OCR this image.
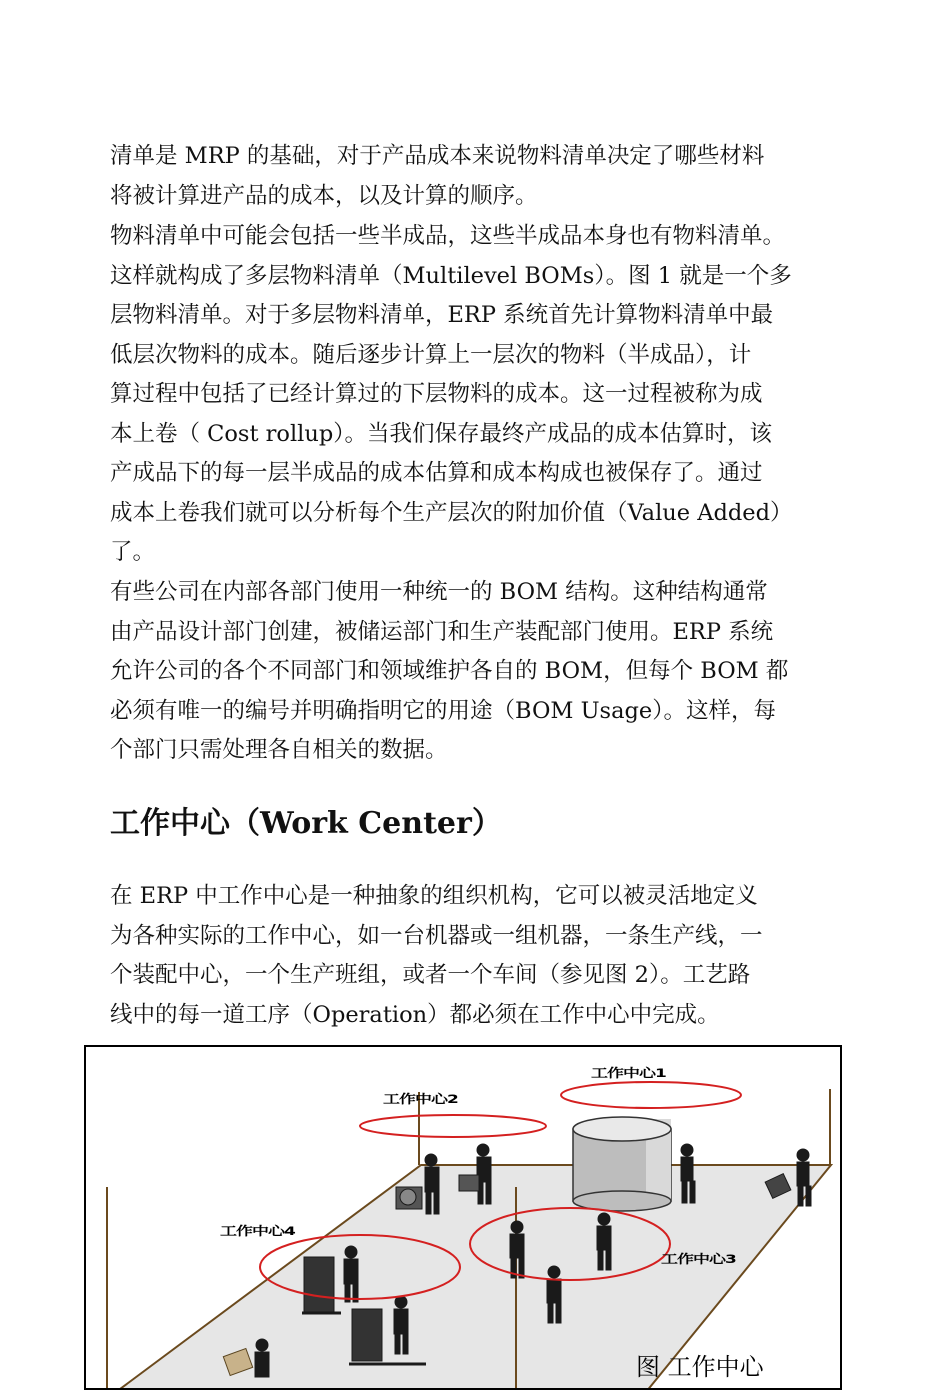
清单是 MRP 的基础，对于产品成本来说物料清单决定了哪些材料
将被计算进产品的成本，以及计算的顺序。
物料清单中可能会包括一些半成品，这些半成品本身也有物料清单。
这样就构成了多层物料清单（Multilevel BOMs）。图 1 就是一个多
层物料清单。对于多层物料清单，ERP 系统首先计算物料清单中最
低层次物料的成本。随后逐步计算上一层次的物料（半成品），计
算过程中包括了已经计算过的下层物料的成本。这一过程被称为成
本上卷（ Cost rollup）。当我们保存最终产成品的成本估算时，该
产成品下的每一层半成品的成本估算和成本构成也被保存了。通过
成本上卷我们就可以分析每个生产层次的附加价值（Value Added）
了。
有些公司在内部各部门使用一种统一的 BOM 结构。这种结构通常
由产品设计部门创建，被储运部门和生产装配部门使用。ERP 系统
允许公司的各个不同部门和领域维护各自的 BOM，但每个 BOM 都
必须有唯一的编号并明确指明它的用途（BOM Usage）。这样，每
个部门只需处理各自相关的数据。
在 ERP 中工作中心是一种抽象的组织机构，它可以被灵活地定义
为各种实际的工作中心，如一台机器或一组机器，一条生产线，一
个装配中心，一个生产班组，或者一个车间（参见图 2）。工艺路
线中的每一道工序（Operation）都必须在工作中心中完成。
工作中心（Work Center）
工作中心1
工作中心2
工作中心3
工作中心4
图 工作中心
